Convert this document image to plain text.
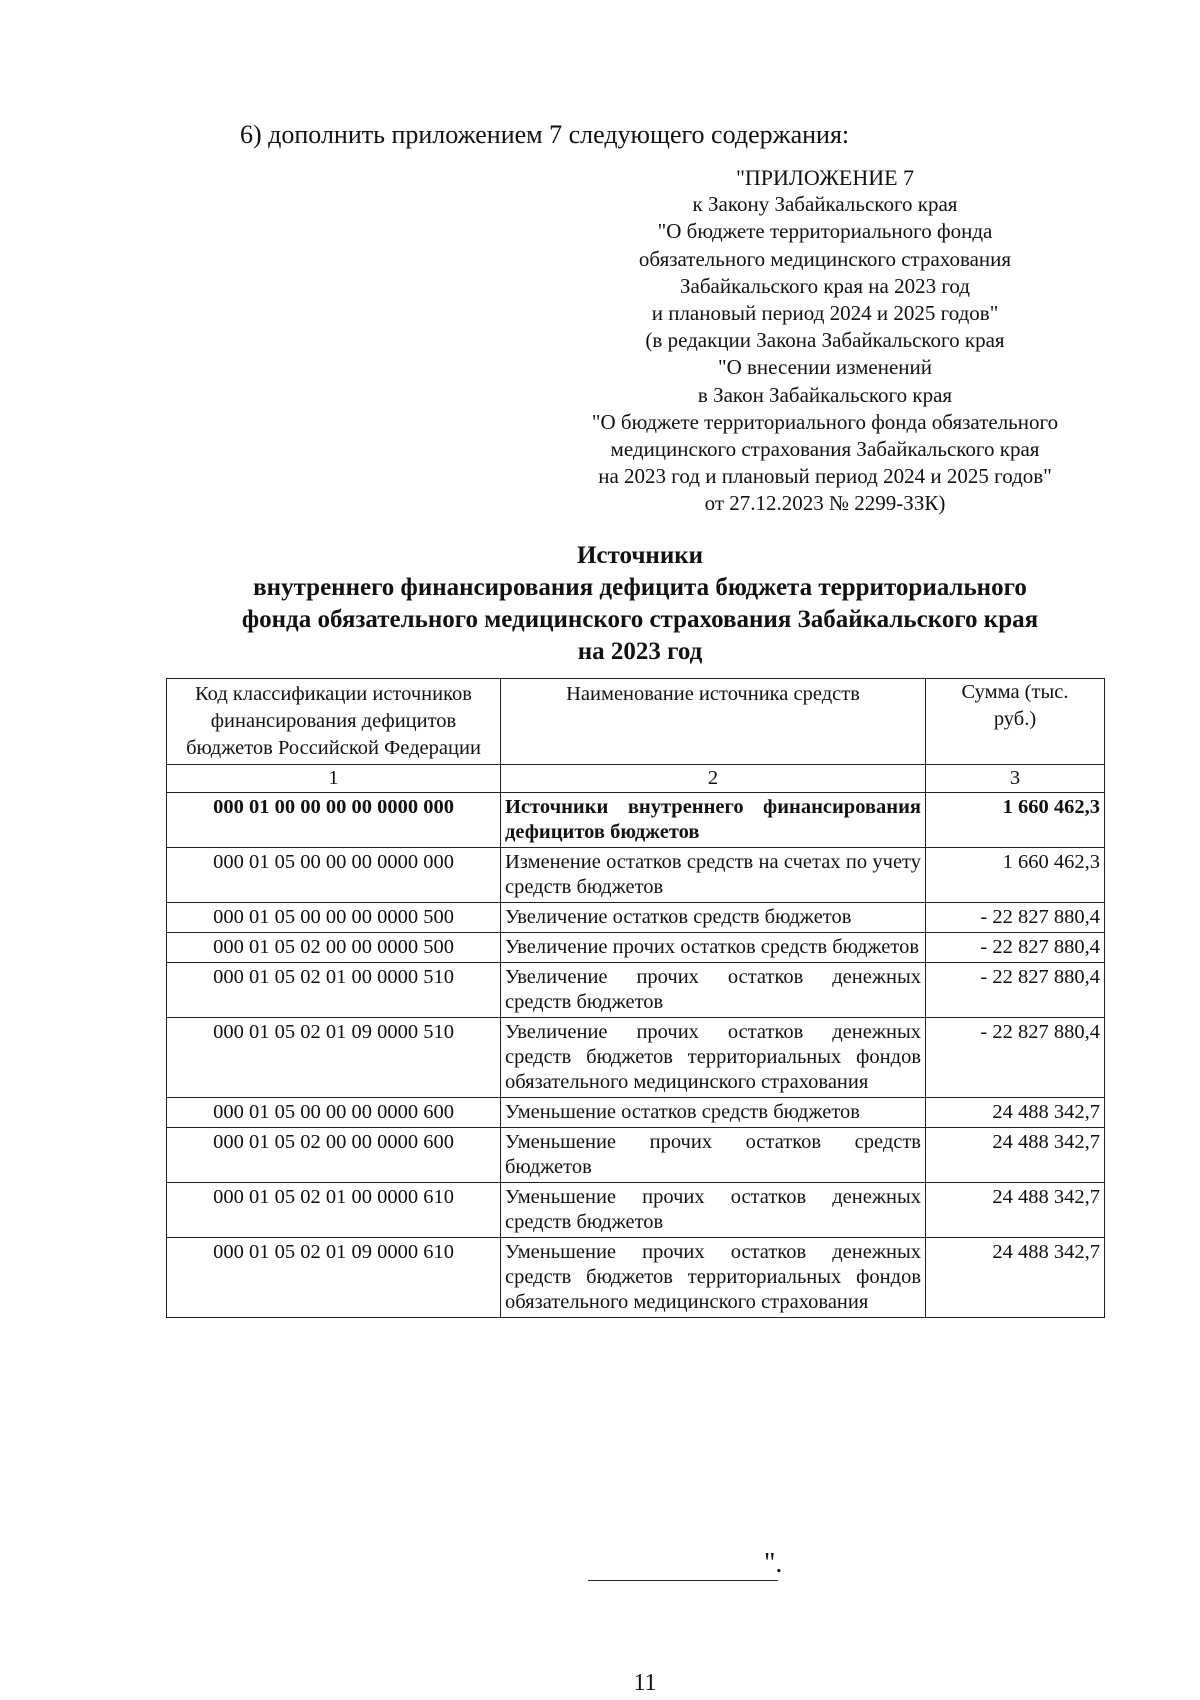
6) дополнить приложением 7 следующего содержания:
"ПРИЛОЖЕНИЕ 7
к Закону Забайкальского края
"О бюджете территориального фонда
обязательного медицинского страхования
Забайкальского края на 2023 год
и плановый период 2024 и 2025 годов"
(в редакции Закона Забайкальского края
"О внесении изменений
в Закон Забайкальского края
"О бюджете территориального фонда обязательного
медицинского страхования Забайкальского края
на 2023 год и плановый период 2024 и 2025 годов"
от 27.12.2023 № 2299-ЗЗК)
Источники
внутреннего финансирования дефицита бюджета территориального
фонда обязательного медицинского страхования Забайкальского края
на 2023 год
Код классификации источников финансирования дефицитов бюджетов Российской Федерации	Наименование источника средств	Сумма (тыс. руб.)
1	2	3
000 01 00 00 00 00 0000 000	Источники внутреннего финансирования дефицитов бюджетов	1 660 462,3
000 01 05 00 00 00 0000 000	Изменение остатков средств на счетах по учету средств бюджетов	1 660 462,3
000 01 05 00 00 00 0000 500	Увеличение остатков средств бюджетов	- 22 827 880,4
000 01 05 02 00 00 0000 500	Увеличение прочих остатков средств бюджетов	- 22 827 880,4
000 01 05 02 01 00 0000 510	Увеличение прочих остатков денежных средств бюджетов	- 22 827 880,4
000 01 05 02 01 09 0000 510	Увеличение прочих остатков денежных средств бюджетов территориальных фондов обязательного медицинского страхования	- 22 827 880,4
000 01 05 00 00 00 0000 600	Уменьшение остатков средств бюджетов	24 488 342,7
000 01 05 02 00 00 0000 600	Уменьшение прочих остатков средств бюджетов	24 488 342,7
000 01 05 02 01 00 0000 610	Уменьшение прочих остатков денежных средств бюджетов	24 488 342,7
000 01 05 02 01 09 0000 610	Уменьшение прочих остатков денежных средств бюджетов территориальных фондов обязательного медицинского страхования	24 488 342,7
".
11
